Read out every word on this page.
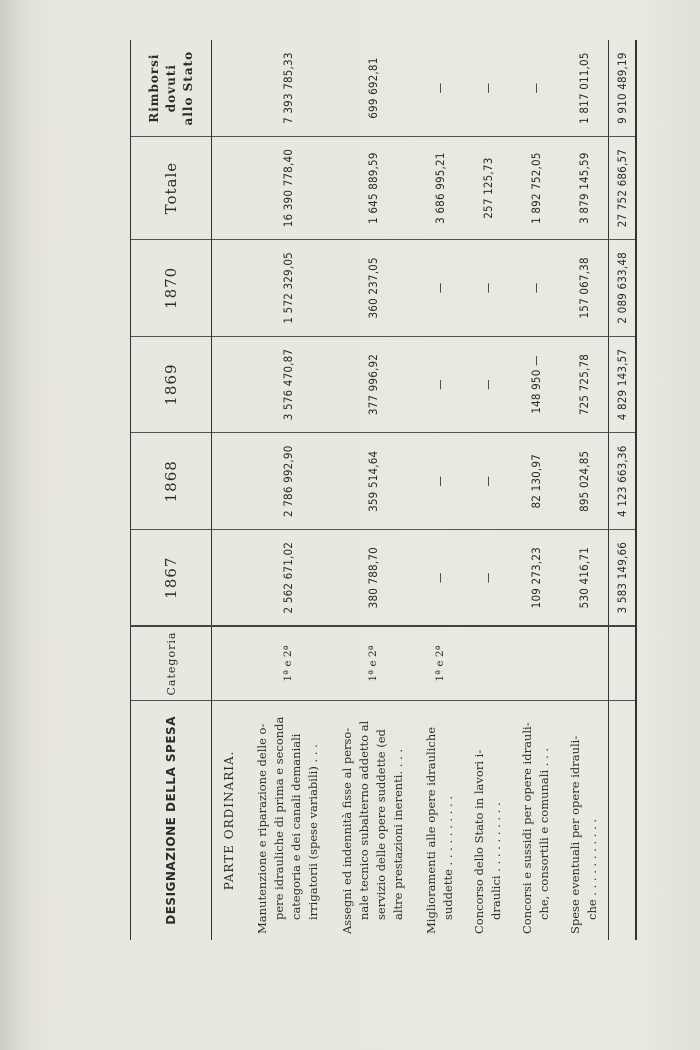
DESIGNAZIONE DELLA SPESA	Categoria	1867	1868	1869	1870	Totale	Rimborsi dovuti allo Stato
PARTE ORDINARIA.							
Manutenzione e riparazione delle o- pere idrauliche di prima e seconda categoria e dei canali demaniali irrigatorii (spese variabili) . . .	1ª e 2ª	2 562 671,02	2 786 992,90	3 576 470,87	1 572 329,05	16 390 778,40	7 393 785,33
Assegni ed indennità fisse al perso- nale tecnico subalterno addetto al servizio delle opere suddette (ed altre prestazioni inerenti. . . .	1ª e 2ª	380 788,70	359 514,64	377 996,92	360 237,05	1 645 889,59	699 692,81
Miglioramenti alle opere idrauliche suddette . . . . . . . . . .	1ª e 2ª	—	—	—	—	3 686 995,21	—
Concorso dello Stato in lavori i- draulici . . . . . . . . . .		—	—	—	—	257 125,73	—
Concorsi e sussidi per opere idrauli- che, consortili e comunali . . .		109 273,23	82 130,97	148 950 —	—	1 892 752,05	—
Spese eventuali per opere idrauli- che . . . . . . . . . . .		530 416,71	895 024,85	725 725,78	157 067,38	3 879 145,59	1 817 011,05
		3 583 149,66	4 123 663,36	4 829 143,57	2 089 633,48	27 752 686,57	9 910 489,19
